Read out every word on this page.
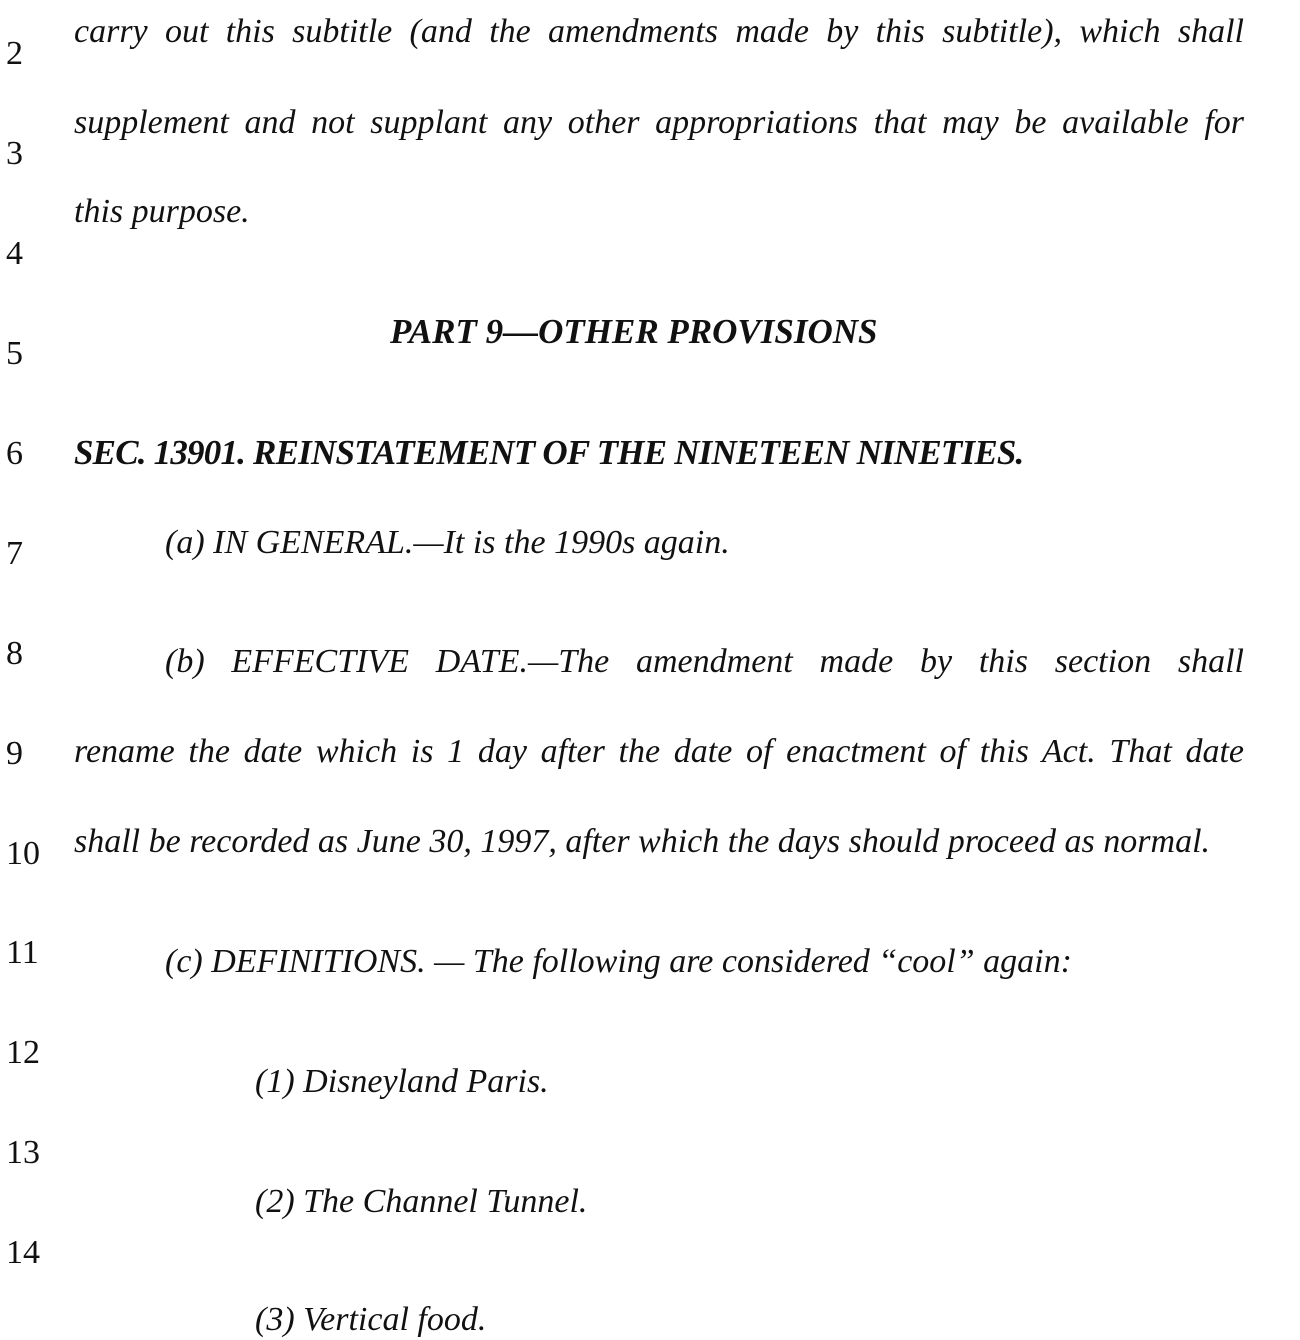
2
3
4
5
6
7
8
9
10
11
12
13
14
carry out this subtitle (and the amendments made by this subtitle), which shall
supplement and not supplant any other appropriations that may be available for
this purpose.
PART 9—OTHER PROVISIONS
SEC. 13901. REINSTATEMENT OF THE NINETEEN NINETIES.
(a) IN GENERAL.—It is the 1990s again.
(b) EFFECTIVE DATE.—The amendment made by this section shall
rename the date which is 1 day after the date of enactment of this Act. That date
shall be recorded as June 30, 1997, after which the days should proceed as normal.
(c) DEFINITIONS. — The following are considered “cool” again:
(1) Disneyland Paris.
(2) The Channel Tunnel.
(3) Vertical food.
